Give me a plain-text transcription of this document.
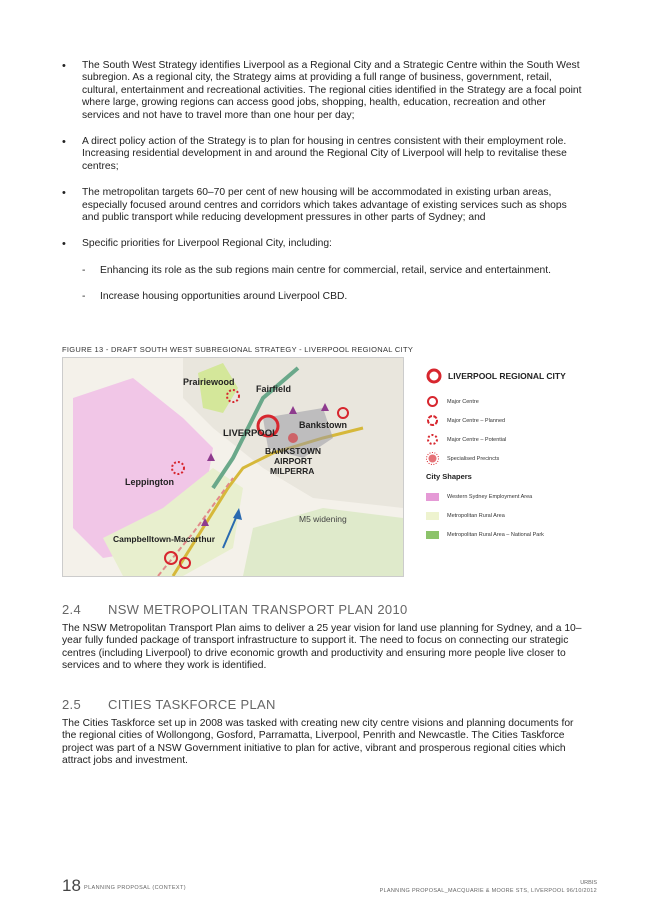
• The South West Strategy identifies Liverpool as a Regional City and a Strategic Centre within the South West subregion. As a regional city, the Strategy aims at providing a full range of business, government, retail, cultural, entertainment and recreational activities. The regional cities identified in the Strategy are a focal point where large, growing regions can access good jobs, shopping, health, education, recreation and other services and not have to travel more than one hour per day;
• A direct policy action of the Strategy is to plan for housing in centres consistent with their employment role. Increasing residential development in and around the Regional City of Liverpool will help to revitalise these centres;
• The metropolitan targets 60–70 per cent of new housing will be accommodated in existing urban areas, especially focused around centres and corridors which takes advantage of existing services such as shops and public transport while reducing development pressures in other parts of Sydney; and
• Specific priorities for Liverpool Regional City, including:
- Enhancing its role as the sub regions main centre for commercial, retail, service and entertainment.
- Increase housing opportunities around Liverpool CBD.
FIGURE 13 - DRAFT SOUTH WEST SUBREGIONAL STRATEGY - LIVERPOOL REGIONAL CITY
Prairiewood
Fairfield
Bankstown
LIVERPOOL
BANKSTOWN
AIRPORT
MILPERRA
Leppington
M5 widening
Campbelltown-Macarthur
LIVERPOOL REGIONAL CITY
Major Centre
Major Centre – Planned
Major Centre – Potential
Specialised Precincts
City Shapers
Western Sydney Employment Area
Metropolitan Rural Area
Metropolitan Rural Area – National Park
2.4 NSW METROPOLITAN TRANSPORT PLAN 2010

The NSW Metropolitan Transport Plan aims to deliver a 25 year vision for land use planning for Sydney, and a 10–year fully funded package of transport infrastructure to support it. The need to focus on connecting our strategic centres (including Liverpool) to drive economic growth and productivity and ensuring more people live closer to services and to where they work is identified.

2.5 CITIES TASKFORCE PLAN

The Cities Taskforce set up in 2008 was tasked with creating new city centre visions and planning documents for the regional cities of Wollongong, Gosford, Parramatta, Liverpool, Penrith and Newcastle. The Cities Taskforce project was part of a NSW Government initiative to plan for active, vibrant and prosperous regional cities which attract jobs and investment.

18 PLANNING PROPOSAL (CONTEXT)
URBIS
PLANNING PROPOSAL_MACQUARIE & MOORE STS, LIVERPOOL 96/10/2012
